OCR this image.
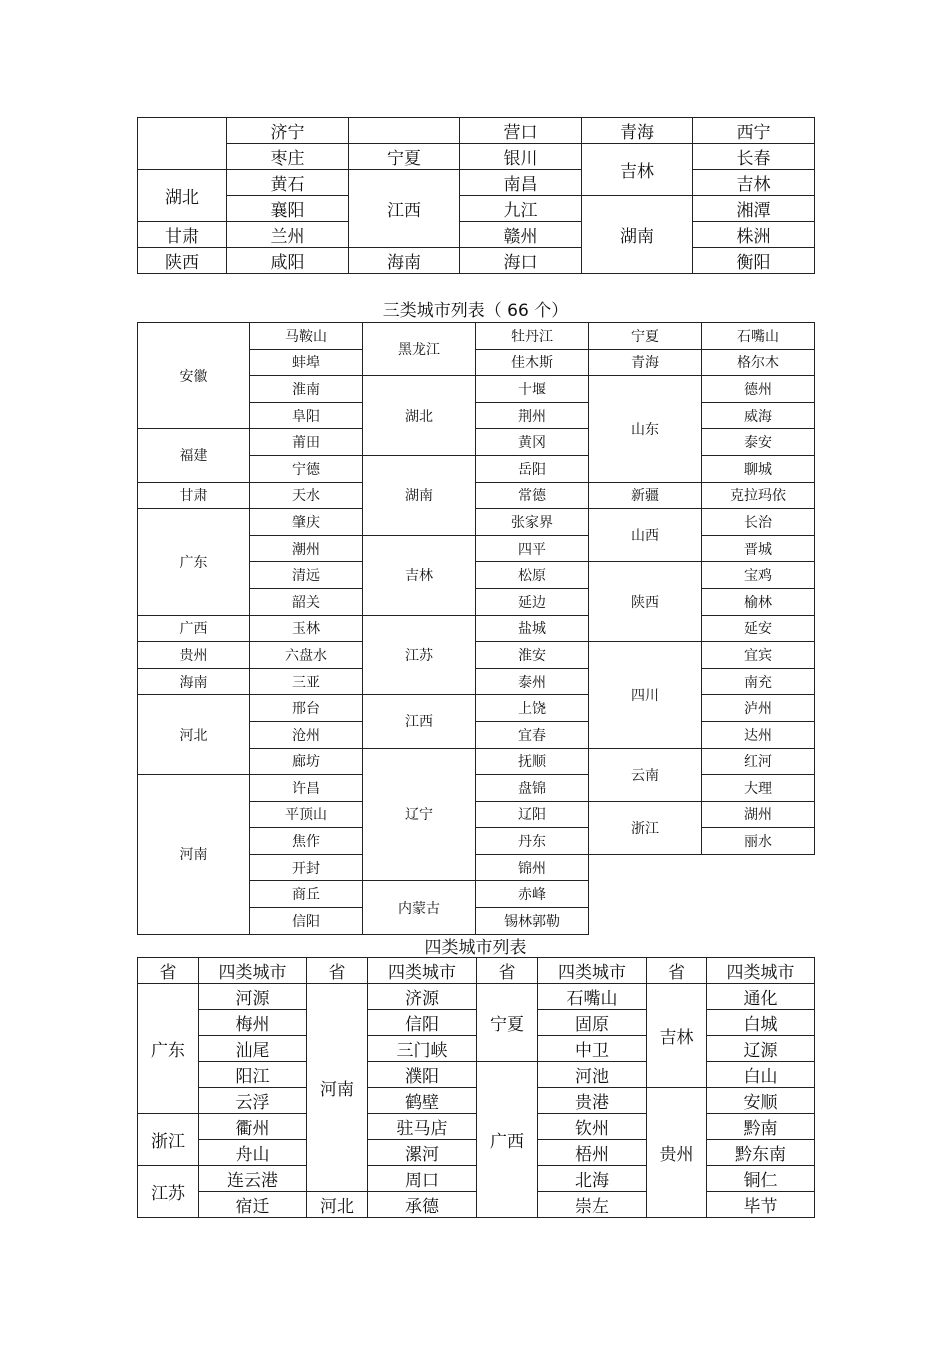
	济宁		营口	青海	西宁
	枣庄	宁夏	银川	吉林	长春
湖北	黄石	江西	南昌		吉林
	襄阳		九江	湖南	湘潭
甘肃	兰州		赣州		株洲
陕西	咸阳	海南	海口		衡阳
三类城市列表（ 66 个）
安徽	马鞍山	黑龙江	牡丹江	宁夏	石嘴山
	蚌埠		佳木斯	青海	格尔木
	淮南	湖北	十堰	山东	德州
	阜阳		荆州		威海
福建	莆田		黄冈		泰安
	宁德	湖南	岳阳		聊城
甘肃	天水		常德	新疆	克拉玛依
广东	肇庆		张家界	山西	长治
	潮州	吉林	四平		晋城
	清远		松原	陕西	宝鸡
	韶关		延边		榆林
广西	玉林	江苏	盐城		延安
贵州	六盘水		淮安	四川	宜宾
海南	三亚		泰州		南充
河北	邢台	江西	上饶		泸州
	沧州		宜春		达州
	廊坊	辽宁	抚顺	云南	红河
河南	许昌		盘锦		大理
	平顶山		辽阳	浙江	湖州
	焦作		丹东		丽水
	开封		锦州		
	商丘	内蒙古	赤峰		
	信阳		锡林郭勒		
四类城市列表
省	四类城市	省	四类城市	省	四类城市	省	四类城市
广东	河源	河南	济源	宁夏	石嘴山	吉林	通化
	梅州		信阳		固原		白城
	汕尾		三门峡		中卫		辽源
	阳江		濮阳	广西	河池		白山
	云浮		鹤壁		贵港	贵州	安顺
浙江	衢州		驻马店		钦州		黔南
	舟山		漯河		梧州		黔东南
江苏	连云港		周口		北海		铜仁
	宿迁	河北	承德		崇左		毕节
